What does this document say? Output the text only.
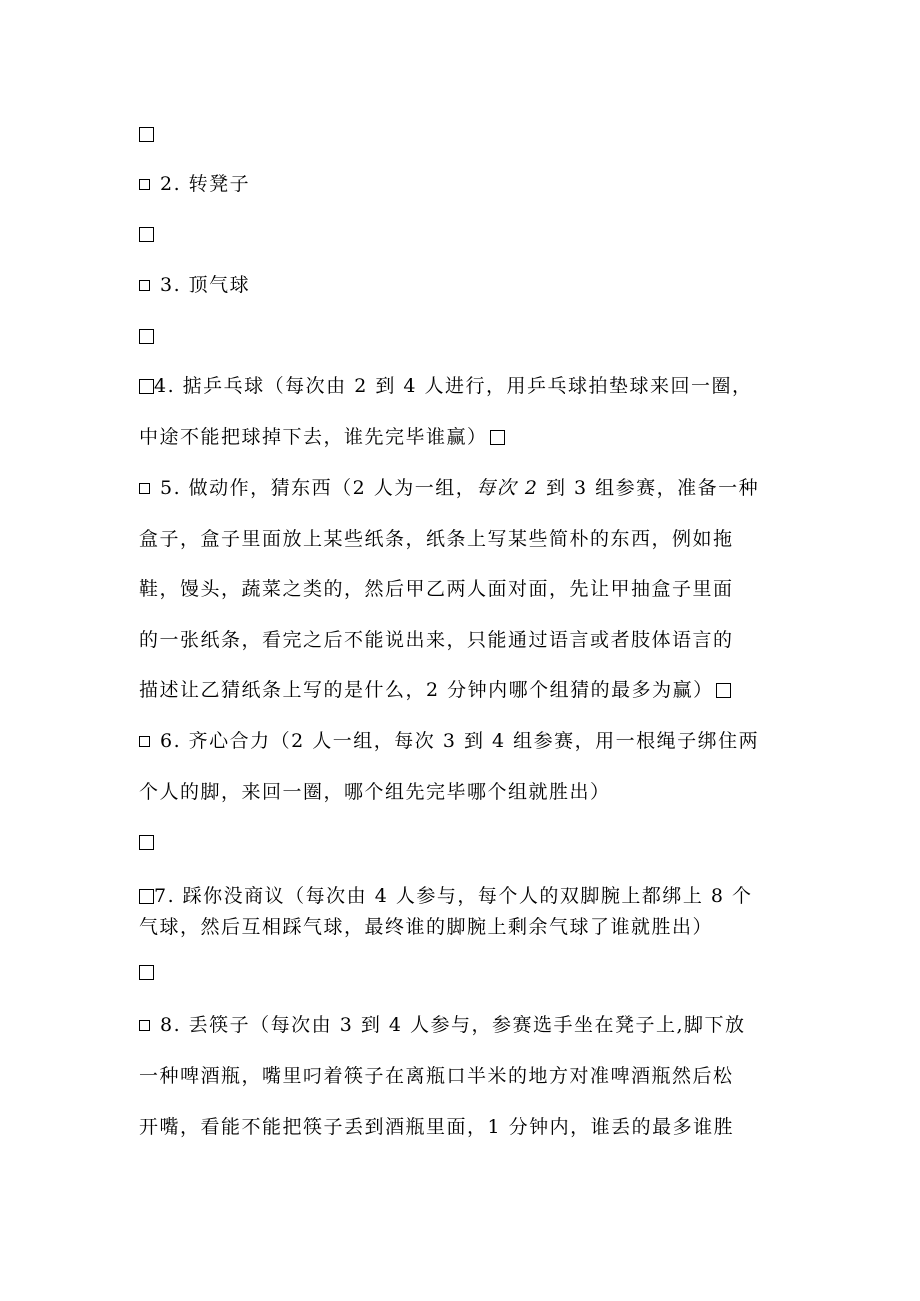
2. 转凳子
3. 顶气球
4. 掂乒乓球（每次由 2 到 4 人进行，用乒乓球拍垫球来回一圈，
中途不能把球掉下去，谁先完毕谁赢）
5. 做动作，猜东西（2 人为一组，每次 2 到 3 组参赛，准备一种
盒子，盒子里面放上某些纸条，纸条上写某些简朴的东西，例如拖
鞋，馒头，蔬菜之类的，然后甲乙两人面对面，先让甲抽盒子里面
的一张纸条，看完之后不能说出来，只能通过语言或者肢体语言的
描述让乙猜纸条上写的是什么，2 分钟内哪个组猜的最多为赢）
6. 齐心合力（2 人一组，每次 3 到 4 组参赛，用一根绳子绑住两
个人的脚，来回一圈，哪个组先完毕哪个组就胜出）
7. 踩你没商议（每次由 4 人参与，每个人的双脚腕上都绑上 8 个
气球，然后互相踩气球，最终谁的脚腕上剩余气球了谁就胜出）
8. 丢筷子（每次由 3 到 4 人参与，参赛选手坐在凳子上,脚下放
一种啤酒瓶，嘴里叼着筷子在离瓶口半米的地方对准啤酒瓶然后松
开嘴，看能不能把筷子丢到酒瓶里面，1 分钟内，谁丢的最多谁胜
